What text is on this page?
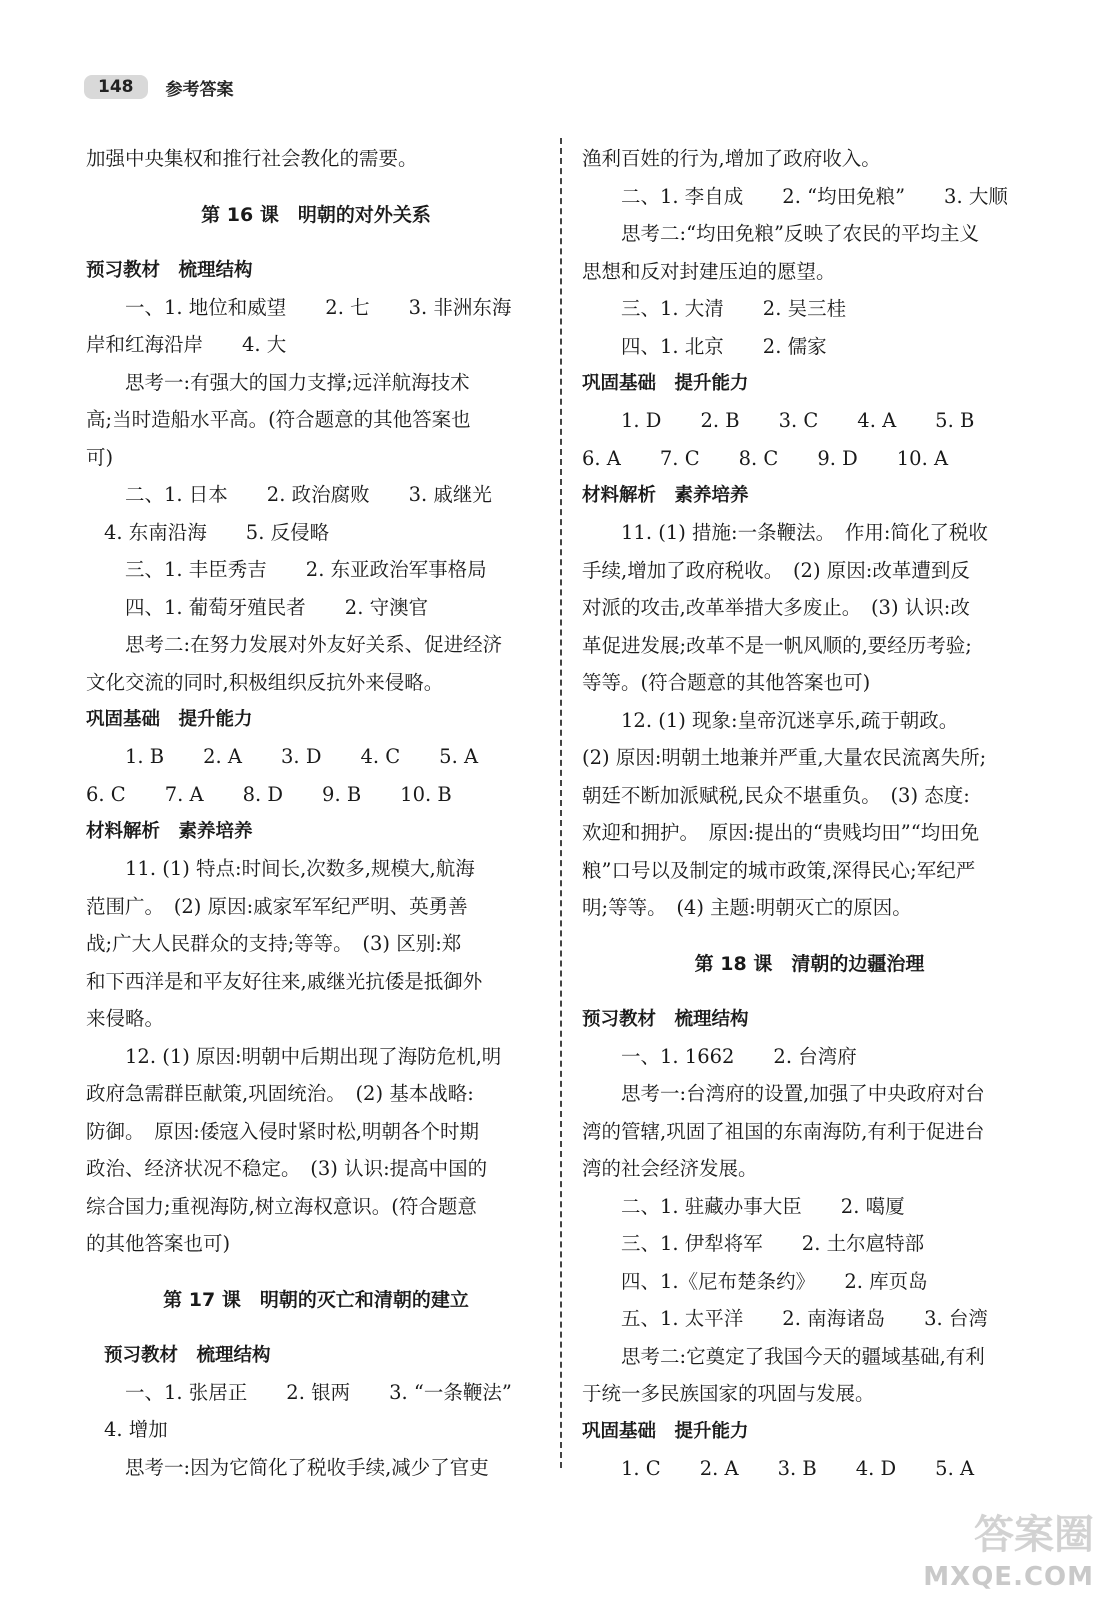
148	参考答案
加强中央集权和推行社会教化的需要。
第 16 课　明朝的对外关系
预习教材　梳理结构
一、1. 地位和威望　　2. 七　　3. 非洲东海
岸和红海沿岸　　4. 大
思考一:有强大的国力支撑;远洋航海技术
高;当时造船水平高。(符合题意的其他答案也
可)
二、1. 日本　　2. 政治腐败　　3. 戚继光
4. 东南沿海　　5. 反侵略
三、1. 丰臣秀吉　　2. 东亚政治军事格局
四、1. 葡萄牙殖民者　　2. 守澳官
思考二:在努力发展对外友好关系、促进经济
文化交流的同时,积极组织反抗外来侵略。
巩固基础　提升能力
1. B　　2. A　　3. D　　4. C　　5. A
6. C　　7. A　　8. D　　9. B　　10. B
材料解析　素养培养
11. (1) 特点:时间长,次数多,规模大,航海
范围广。　(2) 原因:戚家军军纪严明、英勇善
战;广大人民群众的支持;等等。　(3) 区别:郑
和下西洋是和平友好往来,戚继光抗倭是抵御外
来侵略。
12. (1) 原因:明朝中后期出现了海防危机,明
政府急需群臣献策,巩固统治。　(2) 基本战略:
防御。　原因:倭寇入侵时紧时松,明朝各个时期
政治、经济状况不稳定。　(3) 认识:提高中国的
综合国力;重视海防,树立海权意识。(符合题意
的其他答案也可)
第 17 课　明朝的灭亡和清朝的建立
预习教材　梳理结构
一、1. 张居正　　2. 银两　　3. “一条鞭法”
4. 增加
思考一:因为它简化了税收手续,减少了官吏
渔利百姓的行为,增加了政府收入。
二、1. 李自成　　2. “均田免粮”　　3. 大顺
思考二:“均田免粮”反映了农民的平均主义
思想和反对封建压迫的愿望。
三、1. 大清　　2. 吴三桂
四、1. 北京　　2. 儒家
巩固基础　提升能力
1. D　　2. B　　3. C　　4. A　　5. B
6. A　　7. C　　8. C　　9. D　　10. A
材料解析　素养培养
11. (1) 措施:一条鞭法。　作用:简化了税收
手续,增加了政府税收。　(2) 原因:改革遭到反
对派的攻击,改革举措大多废止。　(3) 认识:改
革促进发展;改革不是一帆风顺的,要经历考验;
等等。(符合题意的其他答案也可)
12. (1) 现象:皇帝沉迷享乐,疏于朝政。
(2) 原因:明朝土地兼并严重,大量农民流离失所;
朝廷不断加派赋税,民众不堪重负。　(3) 态度:
欢迎和拥护。　原因:提出的“贵贱均田”“均田免
粮”口号以及制定的城市政策,深得民心;军纪严
明;等等。　(4) 主题:明朝灭亡的原因。
第 18 课　清朝的边疆治理
预习教材　梳理结构
一、1. 1662　　2. 台湾府
思考一:台湾府的设置,加强了中央政府对台
湾的管辖,巩固了祖国的东南海防,有利于促进台
湾的社会经济发展。
二、1. 驻藏办事大臣　　2. 噶厦
三、1. 伊犁将军　　2. 土尔扈特部
四、1.《尼布楚条约》　　2. 库页岛
五、1. 太平洋　　2. 南海诸岛　　3. 台湾
思考二:它奠定了我国今天的疆域基础,有利
于统一多民族国家的巩固与发展。
巩固基础　提升能力
1. C　　2. A　　3. B　　4. D　　5. A
答案圈
MXQE.COM
